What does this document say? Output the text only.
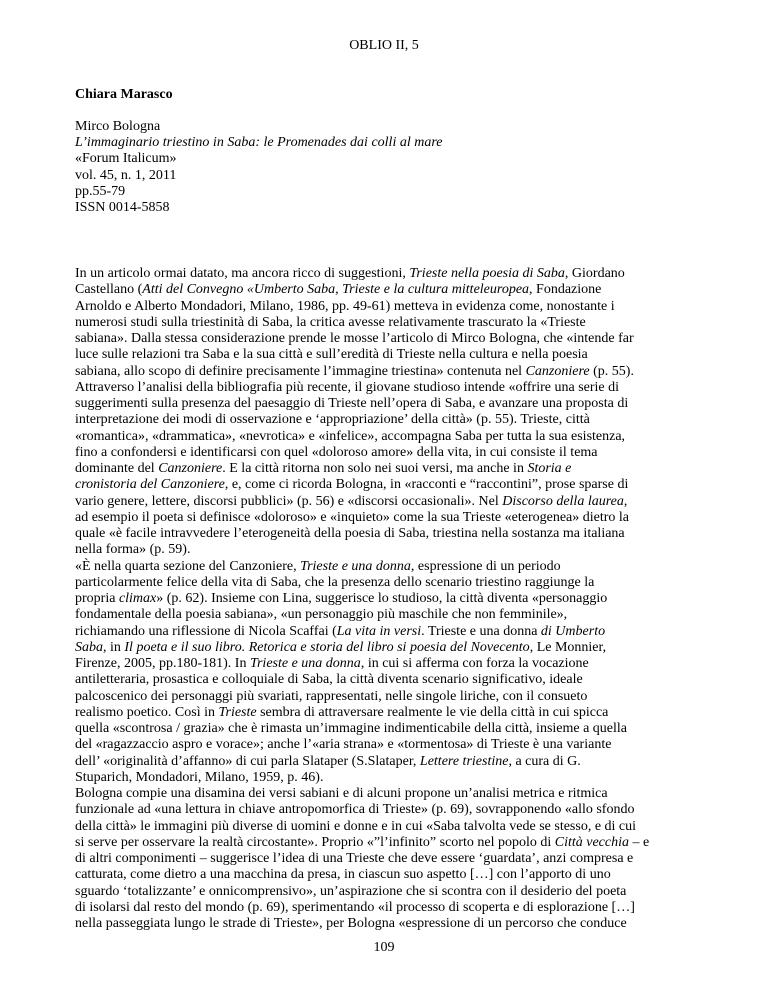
OBLIO II, 5
Chiara Marasco
Mirco Bologna
L’immaginario triestino in Saba: le Promenades dai colli al mare
«Forum Italicum»
vol. 45, n. 1, 2011
pp.55-79
ISSN 0014-5858
In un articolo ormai datato, ma ancora ricco di suggestioni, Trieste nella poesia di Saba, Giordano
Castellano (Atti del Convegno «Umberto Saba, Trieste e la cultura mitteleuropea, Fondazione
Arnoldo e Alberto Mondadori, Milano, 1986, pp. 49-61) metteva in evidenza come, nonostante i
numerosi studi sulla triestinità di Saba, la critica avesse relativamente trascurato la «Trieste
sabiana». Dalla stessa considerazione prende le mosse l’articolo di Mirco Bologna, che «intende far
luce sulle relazioni tra Saba e la sua città e sull’eredità di Trieste nella cultura e nella poesia
sabiana, allo scopo di definire precisamente l’immagine triestina» contenuta nel Canzoniere (p. 55).
Attraverso l’analisi della bibliografia più recente, il giovane studioso intende «offrire una serie di
suggerimenti sulla presenza del paesaggio di Trieste nell’opera di Saba, e avanzare una proposta di
interpretazione dei modi di osservazione e ‘appropriazione’ della città» (p. 55). Trieste, città
«romantica», «drammatica», «nevrotica» e «infelice», accompagna Saba per tutta la sua esistenza,
fino a confondersi e identificarsi con quel «doloroso amore» della vita, in cui consiste il tema
dominante del Canzoniere. E la città ritorna non solo nei suoi versi, ma anche in Storia e
cronistoria del Canzoniere, e, come ci ricorda Bologna, in «racconti e “raccontini”, prose sparse di
vario genere, lettere, discorsi pubblici» (p. 56) e «discorsi occasionali». Nel Discorso della laurea,
ad esempio il poeta si definisce «doloroso» e «inquieto» come la sua Trieste «eterogenea» dietro la
quale «è facile intravvedere l’eterogeneità della poesia di Saba, triestina nella sostanza ma italiana
nella forma» (p. 59).
«È nella quarta sezione del Canzoniere, Trieste e una donna, espressione di un periodo
particolarmente felice della vita di Saba, che la presenza dello scenario triestino raggiunge la
propria climax» (p. 62). Insieme con Lina, suggerisce lo studioso, la città diventa «personaggio
fondamentale della poesia sabiana», «un personaggio più maschile che non femminile»,
richiamando una riflessione di Nicola Scaffai (La vita in versi. Trieste e una donna di Umberto
Saba, in Il poeta e il suo libro. Retorica e storia del libro si poesia del Novecento, Le Monnier,
Firenze, 2005, pp.180-181). In Trieste e una donna, in cui si afferma con forza la vocazione
antiletteraria, prosastica e colloquiale di Saba, la città diventa scenario significativo, ideale
palcoscenico dei personaggi più svariati, rappresentati, nelle singole liriche, con il consueto
realismo poetico. Così in Trieste sembra di attraversare realmente le vie della città in cui spicca
quella «scontrosa / grazia» che è rimasta un’immagine indimenticabile della città, insieme a quella
del «ragazzaccio aspro e vorace»; anche l’«aria strana» e «tormentosa» di Trieste è una variante
dell’ «originalità d’affanno» di cui parla Slataper (S.Slataper, Lettere triestine, a cura di G.
Stuparich, Mondadori, Milano, 1959, p. 46).
Bologna compie una disamina dei versi sabiani e di alcuni propone un’analisi metrica e ritmica
funzionale ad «una lettura in chiave antropomorfica di Trieste» (p. 69), sovrapponendo «allo sfondo
della città» le immagini più diverse di uomini e donne e in cui «Saba talvolta vede se stesso, e di cui
si serve per osservare la realtà circostante». Proprio «”l’infinito” scorto nel popolo di Città vecchia – e
di altri componimenti – suggerisce l’idea di una Trieste che deve essere ‘guardata’, anzi compresa e
catturata, come dietro a una macchina da presa, in ciascun suo aspetto […] con l’apporto di uno
sguardo ‘totalizzante’ e onnicomprensivo», un’aspirazione che si scontra con il desiderio del poeta
di isolarsi dal resto del mondo (p. 69), sperimentando «il processo di scoperta e di esplorazione […]
nella passeggiata lungo le strade di Trieste», per Bologna «espressione di un percorso che conduce
109
